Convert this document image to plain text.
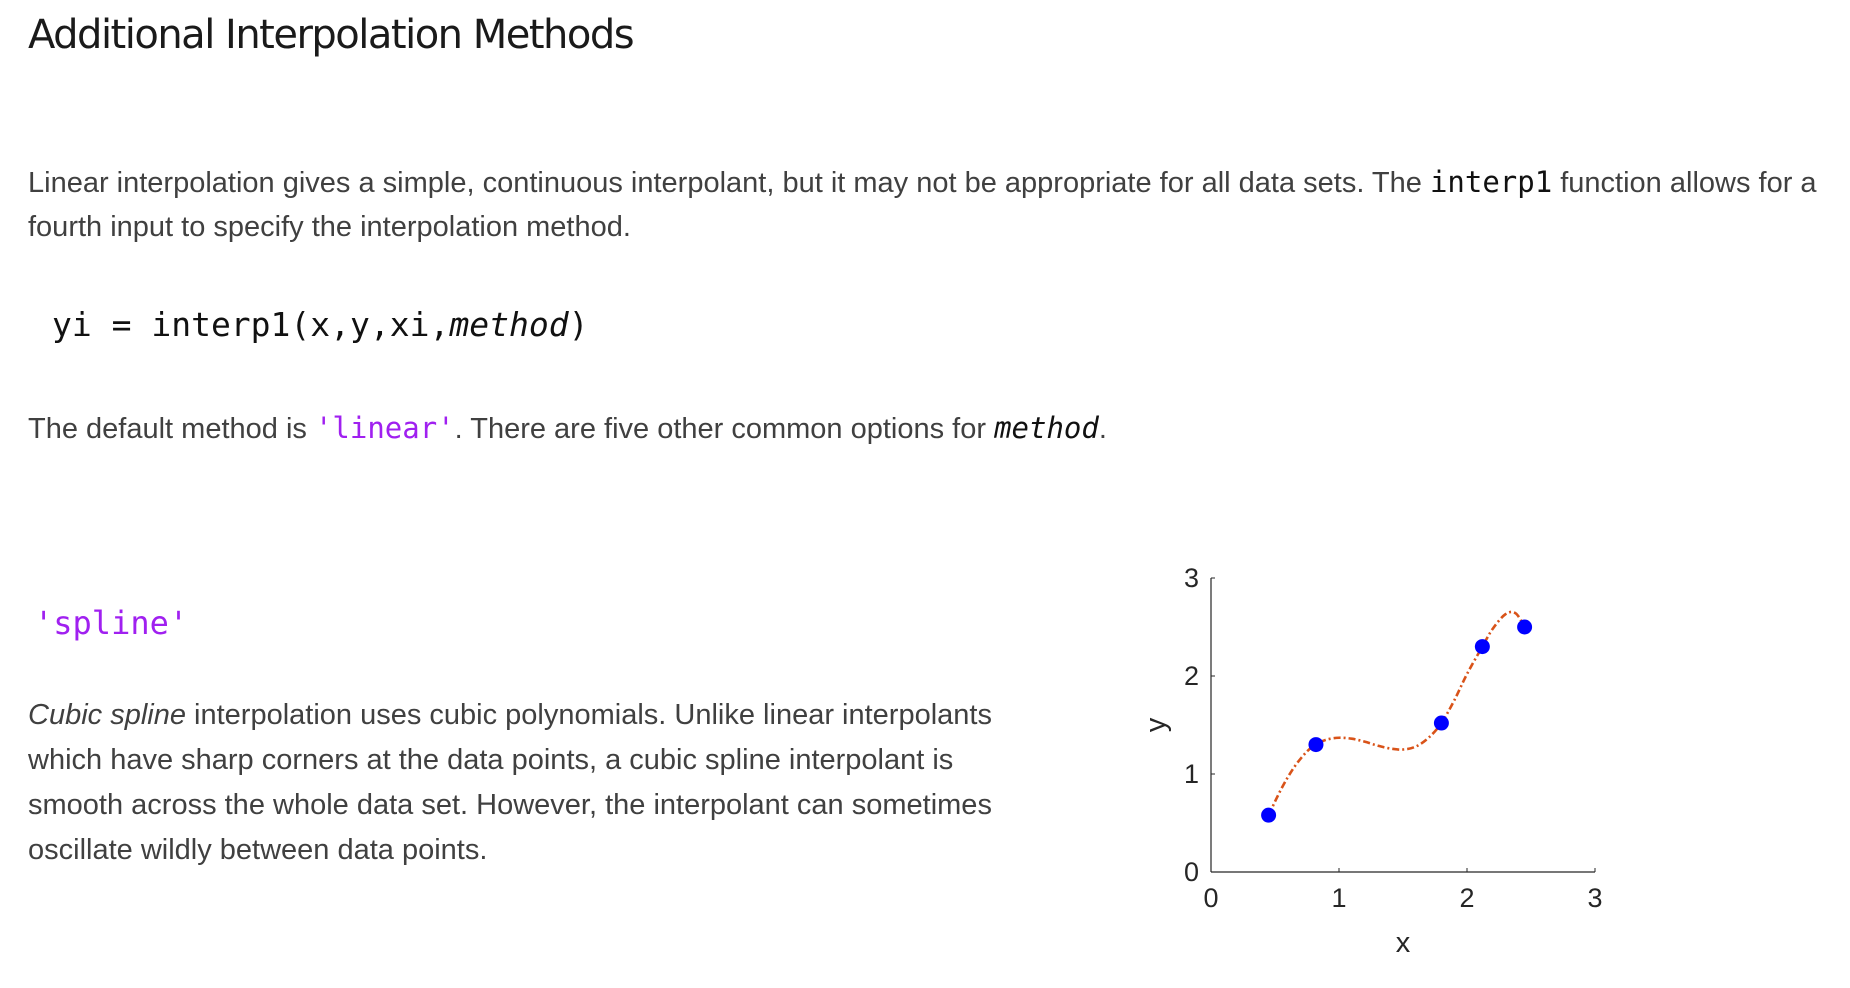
Additional Interpolation Methods

Linear interpolation gives a simple, continuous interpolant, but it may not be appropriate for all data sets. The interp1 function allows for a fourth input to specify the interpolation method.

yi = interp1(x,y,xi,method)

The default method is 'linear'. There are five other common options for method.

'spline'

Cubic spline interpolation uses cubic polynomials. Unlike linear interpolants which have sharp corners at the data points, a cubic spline interpolant is smooth across the whole data set. However, the interpolant can sometimes oscillate wildly between data points.

0	1	2	3
0
1
2
3
x
y
